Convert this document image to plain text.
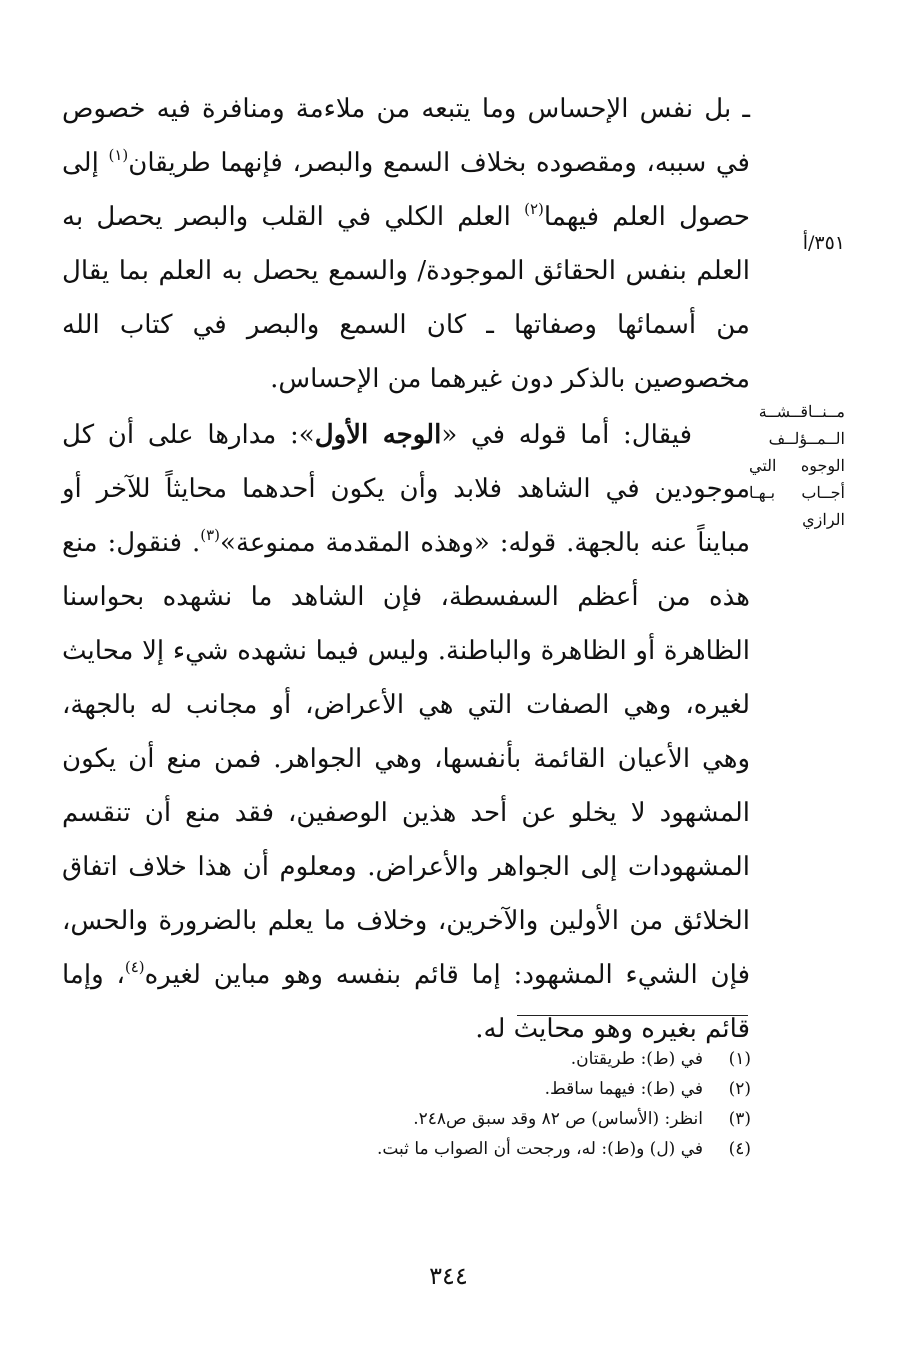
ـ بل نفس الإحساس وما يتبعه من ملاءمة ومنافرة فيه خصوص في سببه، ومقصوده بخلاف السمع والبصر، فإنهما طريقان$^{(١)}$ إلى حصول العلم فيهما$^{(٢)}$ العلم الكلي في القلب والبصر يحصل به العلم بنفس الحقائق الموجودة/ والسمع يحصل به العلم بما يقال من أسمائها وصفاتها ـ كان السمع والبصر في كتاب الله مخصوصين بالذكر دون غيرهما من الإحساس.

فيقال: أما قوله في «الوجه الأول»: مدارها على أن كل موجودين في الشاهد فلابد وأن يكون أحدهما محايثاً للآخر أو مبايناً عنه بالجهة. قوله: «وهذه المقدمة ممنوعة»$^{(٣)}$. فنقول: منع هذه من أعظم السفسطة، فإن الشاهد ما نشهده بحواسنا الظاهرة أو الظاهرة والباطنة. وليس فيما نشهده شيء إلا محايث لغيره، وهي الصفات التي هي الأعراض، أو مجانب له بالجهة، وهي الأعيان القائمة بأنفسها، وهي الجواهر. فمن منع أن يكون المشهود لا يخلو عن أحد هذين الوصفين، فقد منع أن تنقسم المشهودات إلى الجواهر والأعراض. ومعلوم أن هذا خلاف اتفاق الخلائق من الأولين والآخرين، وخلاف ما يعلم بالضرورة والحس، فإن الشيء المشهود: إما قائم بنفسه وهو مباين لغيره$^{(٤)}$، وإما قائم بغيره وهو محايث له.

٣٥١/أ
مــنــاقــشــة
الــمــؤلــف
الوجوه التي
أجــاب بـهـا
الرازي
(١)في (ط): طريقتان.
(٢)في (ط): فيهما ساقط.
(٣)انظر: (الأساس) ص ٨٢ وقد سبق ص٢٤٨.
(٤)في (ل) و(ط): له، ورجحت أن الصواب ما ثبت.
٣٤٤
